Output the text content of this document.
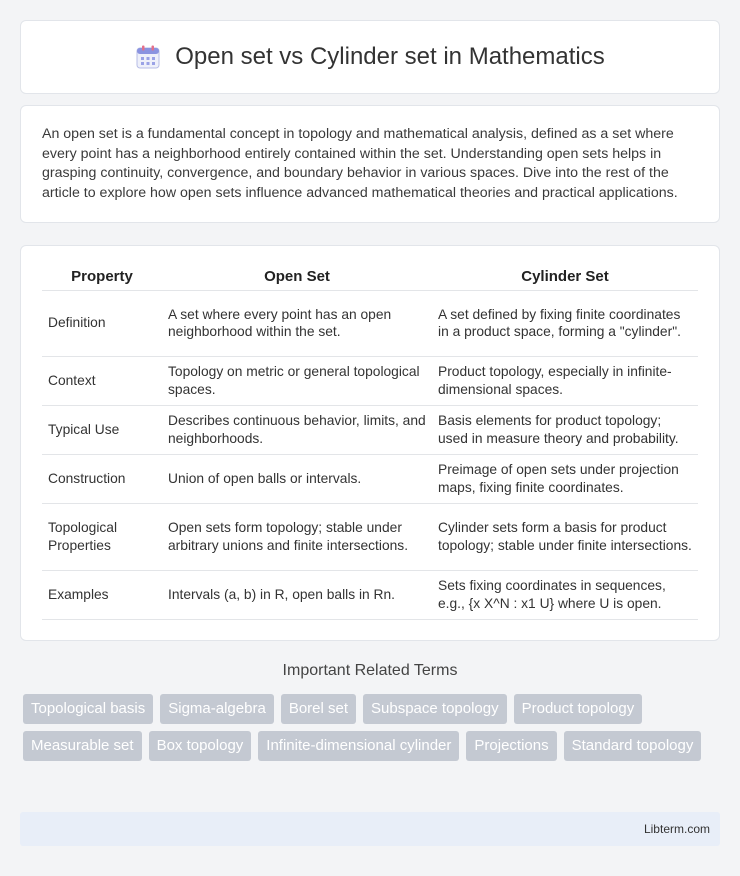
Open set vs Cylinder set in Mathematics

An open set is a fundamental concept in topology and mathematical analysis, defined as a set where every point has a neighborhood entirely contained within the set. Understanding open sets helps in grasping continuity, convergence, and boundary behavior in various spaces. Dive into the rest of the article to explore how open sets influence advanced mathematical theories and practical applications.

Property	Open Set	Cylinder Set
Definition	A set where every point has an open neighborhood within the set.	A set defined by fixing finite coordinates in a product space, forming a "cylinder".
Context	Topology on metric or general topological spaces.	Product topology, especially in infinite-dimensional spaces.
Typical Use	Describes continuous behavior, limits, and neighborhoods.	Basis elements for product topology; used in measure theory and probability.
Construction	Union of open balls or intervals.	Preimage of open sets under projection maps, fixing finite coordinates.
Topological Properties	Open sets form topology; stable under arbitrary unions and finite intersections.	Cylinder sets form a basis for product topology; stable under finite intersections.
Examples	Intervals (a, b) in R, open balls in Rn.	Sets fixing coordinates in sequences, e.g., {x X^N : x1 U} where U is open.
Important Related Terms
Topological basis	Sigma-algebra	Borel set	Subspace topology	Product topology
Measurable set	Box topology	Infinite-dimensional cylinder	Projections	Standard topology
Libterm.com
